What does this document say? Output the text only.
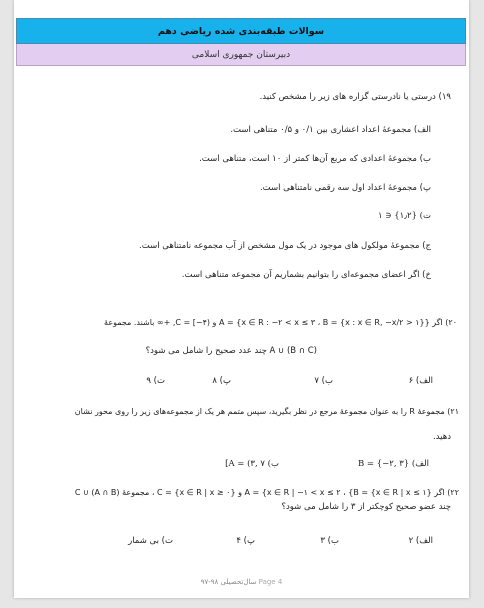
سوالات طبقه‌بندی شده ریاضی دهم
دبیرستان جمهوری اسلامی
۱۹) درستی یا نادرستی گزاره های زیر را مشخص کنید.
الف) مجموعهٔ اعداد اعشاری بین ۰/۱ و ۰/۵ متناهی است.
ب) مجموعهٔ اعدادی که مربع آن‌ها کمتر از ۱۰ است، متناهی است.
پ) مجموعهٔ اعداد اول سه رقمی نامتناهی است.
ت) {۱٫۲} ∈ ۱
ج) مجموعهٔ مولکول های موجود در یک مول مشخص از آب مجموعه نامتناهی است.
خ) اگر اعضای مجموعه‌ای را بتوانیم بشماریم آن مجموعه متناهی است.
۲۰) اگر {A = {x ∈ R : −۲ < x ≤ ۳ ، B = {x : x ∈ R, −x/۲ > ۱} و (C = [−۴, +∞ باشند. مجموعهٔ
A ∪ (B ∩ C) چند عدد صحیح را شامل می شود؟
الف) ۶
ب) ۷
پ) ۸
ت) ۹
۲۱) مجموعهٔ R را به عنوان مجموعهٔ مرجع در نظر بگیرید، سپس متمم هر یک از مجموعه‌های زیر را روی محور نشان
دهید.
الف) B = {−۲, ۳}
ب) A = (۳, ۷]
۲۲) اگر {A = {x ∈ R | −۱ < x ≤ ۲ ، {B = {x ∈ R | x ≤ ۱ و {C = {x ∈ R | x ≥ ۰ ، مجموعهٔ (A ∩ B) ∪ C
چند عضو صحیح کوچکتر از ۳ را شامل می شود؟
الف) ۲
ب) ۳
پ) ۴
ت) بی شمار
سال‌تحصیلی ۹۸-۹۷ Page 4
